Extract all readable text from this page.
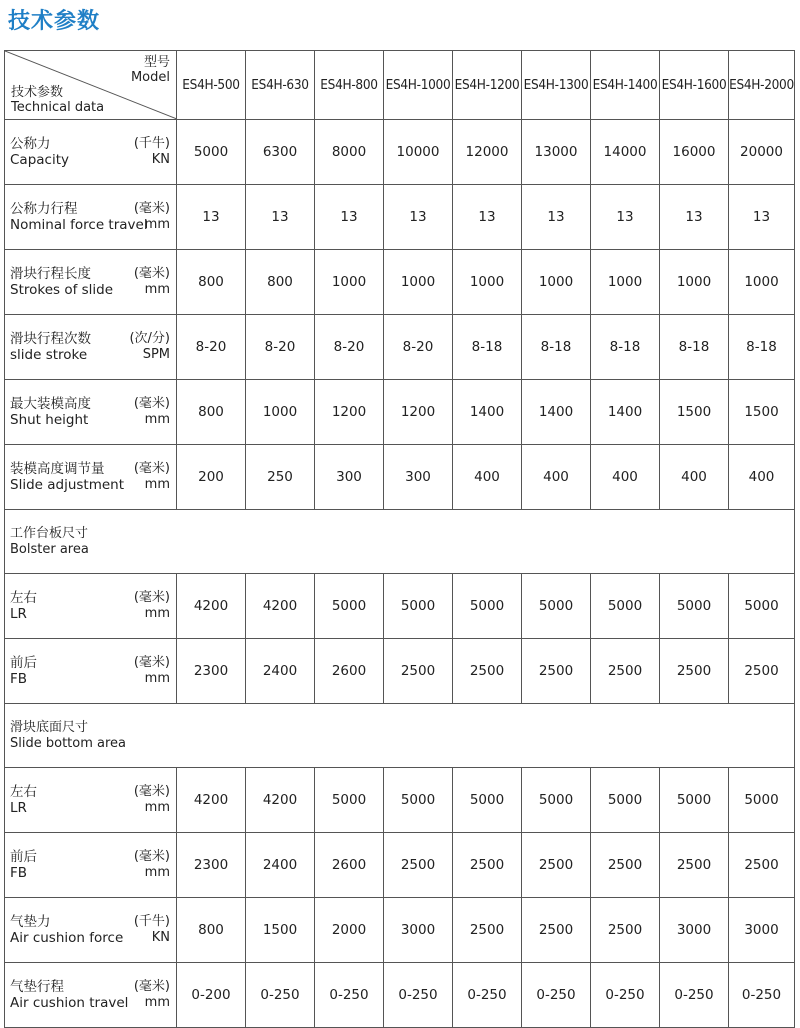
技术参数
型号
Model
技术参数
Technical data	ES4H-500	ES4H-630	ES4H-800	ES4H-1000	ES4H-1200	ES4H-1300	ES4H-1400	ES4H-1600	ES4H-2000

公称力
Capacity
(千牛)
KN	5000	6300	8000	10000	12000	13000	14000	16000	20000

公称力行程
Nominal force travel
(毫米)
mm	13	13	13	13	13	13	13	13	13

滑块行程长度
Strokes of slide
(毫米)
mm	800	800	1000	1000	1000	1000	1000	1000	1000

滑块行程次数
slide stroke
(次/分)
SPM	8-20	8-20	8-20	8-20	8-18	8-18	8-18	8-18	8-18

最大装模高度
Shut height
(毫米)
mm	800	1000	1200	1200	1400	1400	1400	1500	1500

装模高度调节量
Slide adjustment
(毫米)
mm	200	250	300	300	400	400	400	400	400

工作台板尺寸
Bolster area									

左右
LR
(毫米)
mm	4200	4200	5000	5000	5000	5000	5000	5000	5000

前后
FB
(毫米)
mm	2300	2400	2600	2500	2500	2500	2500	2500	2500

滑块底面尺寸
Slide bottom area									

左右
LR
(毫米)
mm	4200	4200	5000	5000	5000	5000	5000	5000	5000

前后
FB
(毫米)
mm	2300	2400	2600	2500	2500	2500	2500	2500	2500

气垫力
Air cushion force
(千牛)
KN	800	1500	2000	3000	2500	2500	2500	3000	3000

气垫行程
Air cushion travel
(毫米)
mm	0-200	0-250	0-250	0-250	0-250	0-250	0-250	0-250	0-250
